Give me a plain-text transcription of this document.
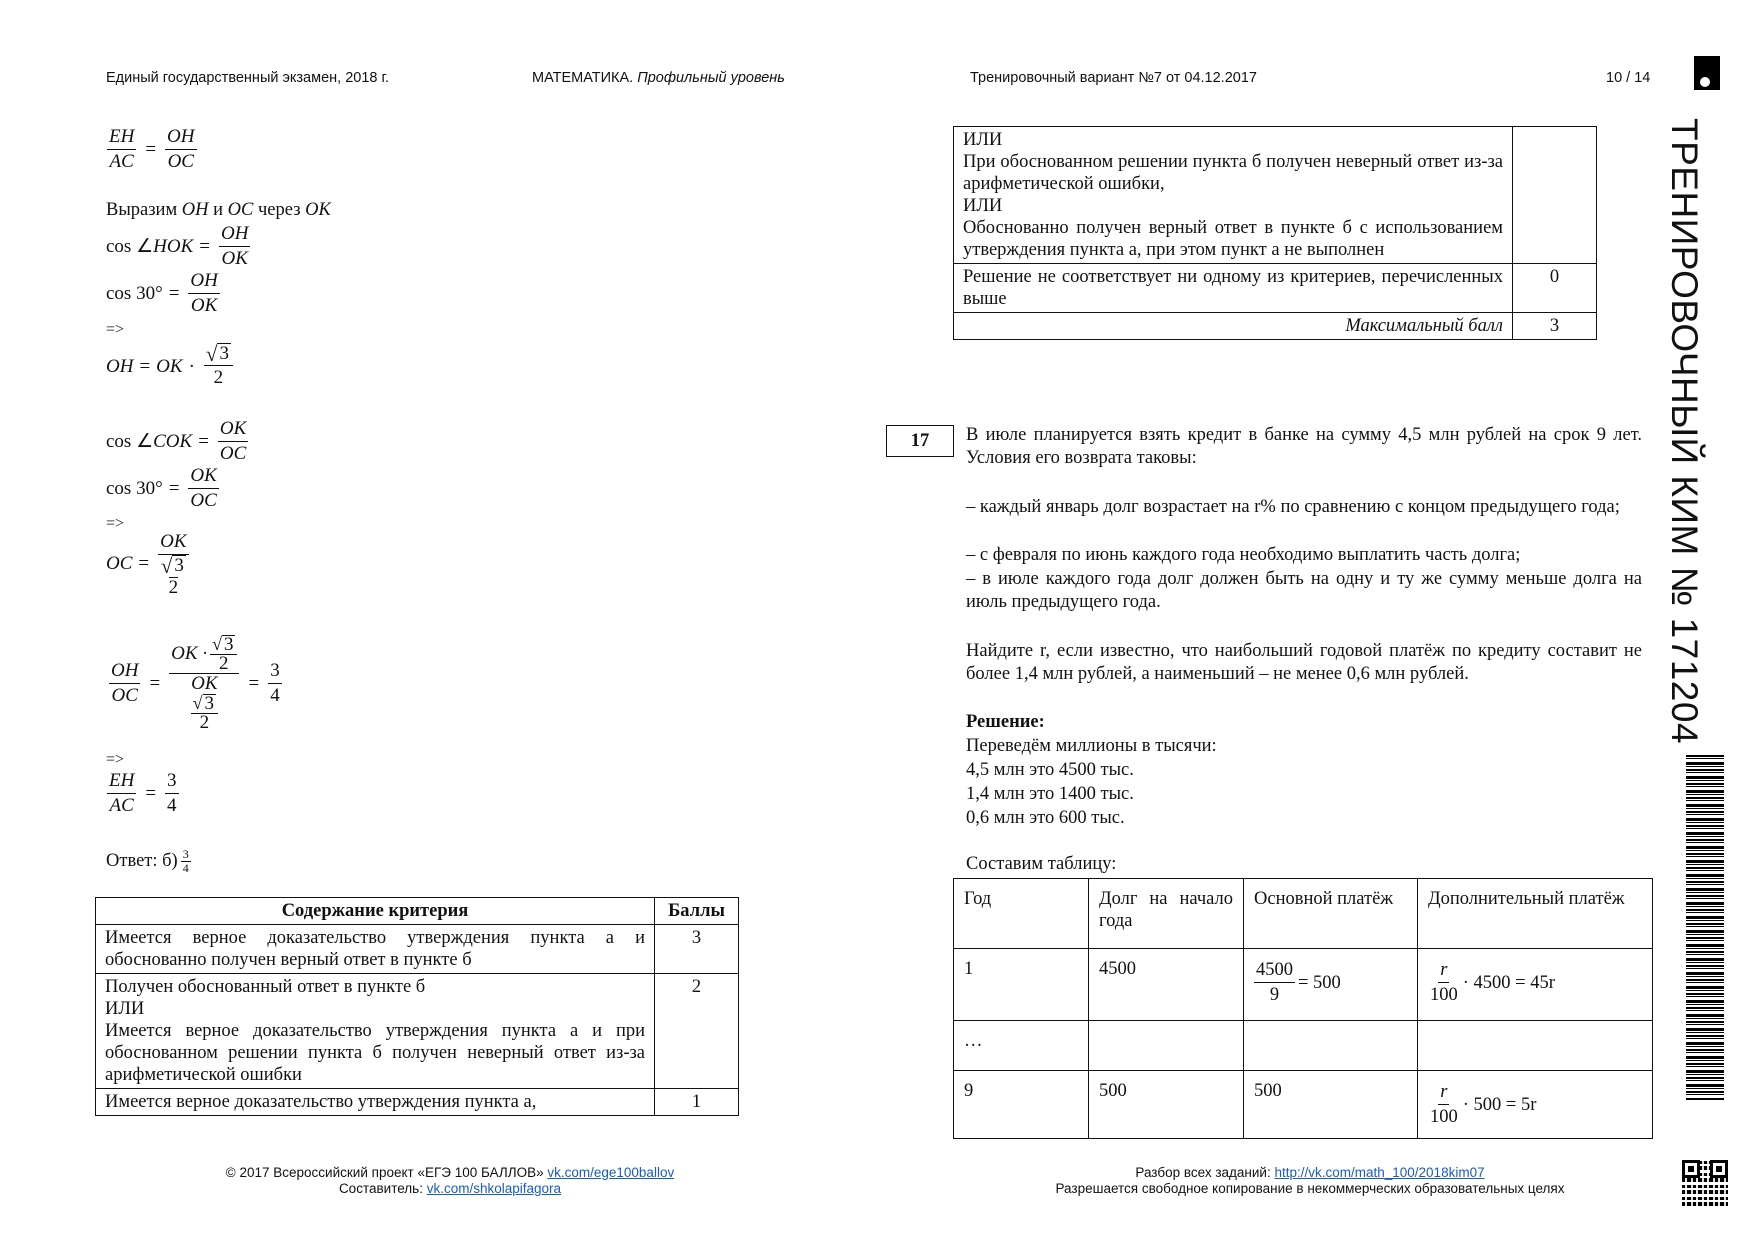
Единый государственный экзамен, 2018 г.	МАТЕМАТИКА. Профильный уровень	Тренировочный вариант №7 от 04.12.2017	10 / 14
ТРЕНИРОВОЧНЫЙ КИМ № 171204
$\frac{EH}{AC} = \frac{OH}{OC}$
Выразим OH и OC через OK
cos ∠HOK = $\frac{OH}{OK}$
$\cos 30^\circ = \frac{OH}{OK}$
=>
OH = OK · $\frac{√ 3}{2}$
cos ∠COK = $\frac{OK}{OC}$
$\cos 30^\circ = \frac{OK}{OC}$
=>
OC = OK
√ 3
2
$\frac{OH}{OC}$ = OK · $\frac{√ 3}{2}$
OK
$\frac{√ 3}{2} = \frac{3}{4}$
=>
$\frac{EH}{AC} = \frac{3}{4}$
Ответ: $б) \frac{3}{4}$
Содержание критерия	Баллы
Имеется верное доказательство утверждения пункта а и обоснованно получен верный ответ в пункте б	3

Получен обоснованный ответ в пункте б
ИЛИ
Имеется верное доказательство утверждения пункта а и при обоснованном решении пункта б получен неверный ответ из-за арифметической ошибки	2
Имеется верное доказательство утверждения пункта а,	1
ИЛИ
При обоснованном решении пункта б получен неверный ответ из-за арифметической ошибки,
ИЛИ
Обоснованно получен верный ответ в пункте б с использованием утверждения пункта а, при этом пункт а не выполнен	

Решение не соответствует ни одному из критериев, перечисленных выше	0
Максимальный балл	3
17	В июле планируется взять кредит в банке на сумму 4,5 млн рублей на срок 9 лет. Условия его возврата таковы:
– каждый январь долг возрастает на r% по сравнению с концом предыдущего года;
– с февраля по июнь каждого года необходимо выплатить часть долга;
– в июле каждого года долг должен быть на одну и ту же сумму меньше долга на июль предыдущего года.
Найдите r, если известно, что наибольший годовой платёж по кредиту составит не более 1,4 млн рублей, а наименьший – не менее 0,6 млн рублей.
Решение:
Переведём миллионы в тысячи:
4,5 млн это 4500 тыс.
1,4 млн это 1400 тыс.
0,6 млн это 600 тыс.
Составим таблицу:
Год	Долг на начало года	Основной платёж	Дополнительный платёж
1	4500	$\frac{4500}{9} = 500$	$\frac{r}{100} \cdot 4500 = 45r$

…			
9	500	500	$\frac{r}{100} \cdot 500 = 5r$
© 2017 Всероссийский проект «ЕГЭ 100 БАЛЛОВ» vk.com/ege100ballov
Составитель: vk.com/shkolapifagora
Разбор всех заданий: http://vk.com/math_100/2018kim07
Разрешается свободное копирование в некоммерческих образовательных целях
